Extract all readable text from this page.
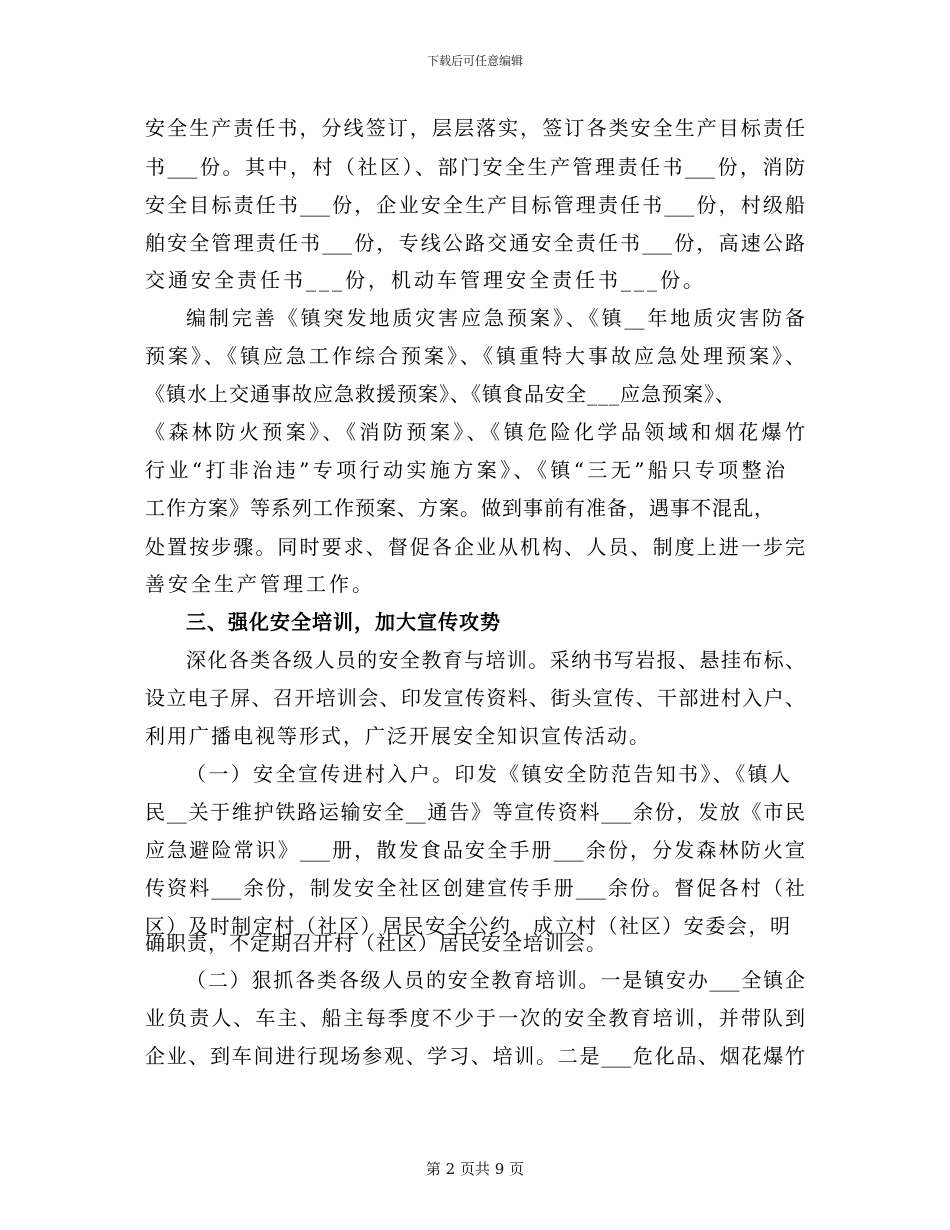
下载后可任意编辑
安全生产责任书，分线签订，层层落实，签订各类安全生产目标责任
书___份。其中，村（社区）、部门安全生产管理责任书___份，消防
安全目标责任书___份，企业安全生产目标管理责任书___份，村级船
舶安全管理责任书___份，专线公路交通安全责任书___份，高速公路
交通安全责任书___份，机动车管理安全责任书___份。
编制完善《镇突发地质灾害应急预案》、《镇__年地质灾害防备
预案》、《镇应急工作综合预案》、《镇重特大事故应急处理预案》、
《镇水上交通事故应急救援预案》、《镇食品安全___应急预案》、
《森林防火预案》、《消防预案》、《镇危险化学品领域和烟花爆竹
行业“打非治违”专项行动实施方案》、《镇“三无”船只专项整治
工作方案》等系列工作预案、方案。做到事前有准备，遇事不混乱，
处置按步骤。同时要求、督促各企业从机构、人员、制度上进一步完
善安全生产管理工作。
三、强化安全培训，加大宣传攻势
深化各类各级人员的安全教育与培训。采纳书写岩报、悬挂布标、
设立电子屏、召开培训会、印发宣传资料、街头宣传、干部进村入户、
利用广播电视等形式，广泛开展安全知识宣传活动。
（一）安全宣传进村入户。印发《镇安全防范告知书》、《镇人
民__关于维护铁路运输安全__通告》等宣传资料___余份，发放《市民
应急避险常识》___册，散发食品安全手册___余份，分发森林防火宣
传资料___余份，制发安全社区创建宣传手册___余份。督促各村（社
区）及时制定村（社区）居民安全公约，成立村（社区）安委会，明
确职责，不定期召开村（社区）居民安全培训会。
（二）狠抓各类各级人员的安全教育培训。一是镇安办___全镇企
业负责人、车主、船主每季度不少于一次的安全教育培训，并带队到
企业、到车间进行现场参观、学习、培训。二是___危化品、烟花爆竹
第 2 页共 9 页
